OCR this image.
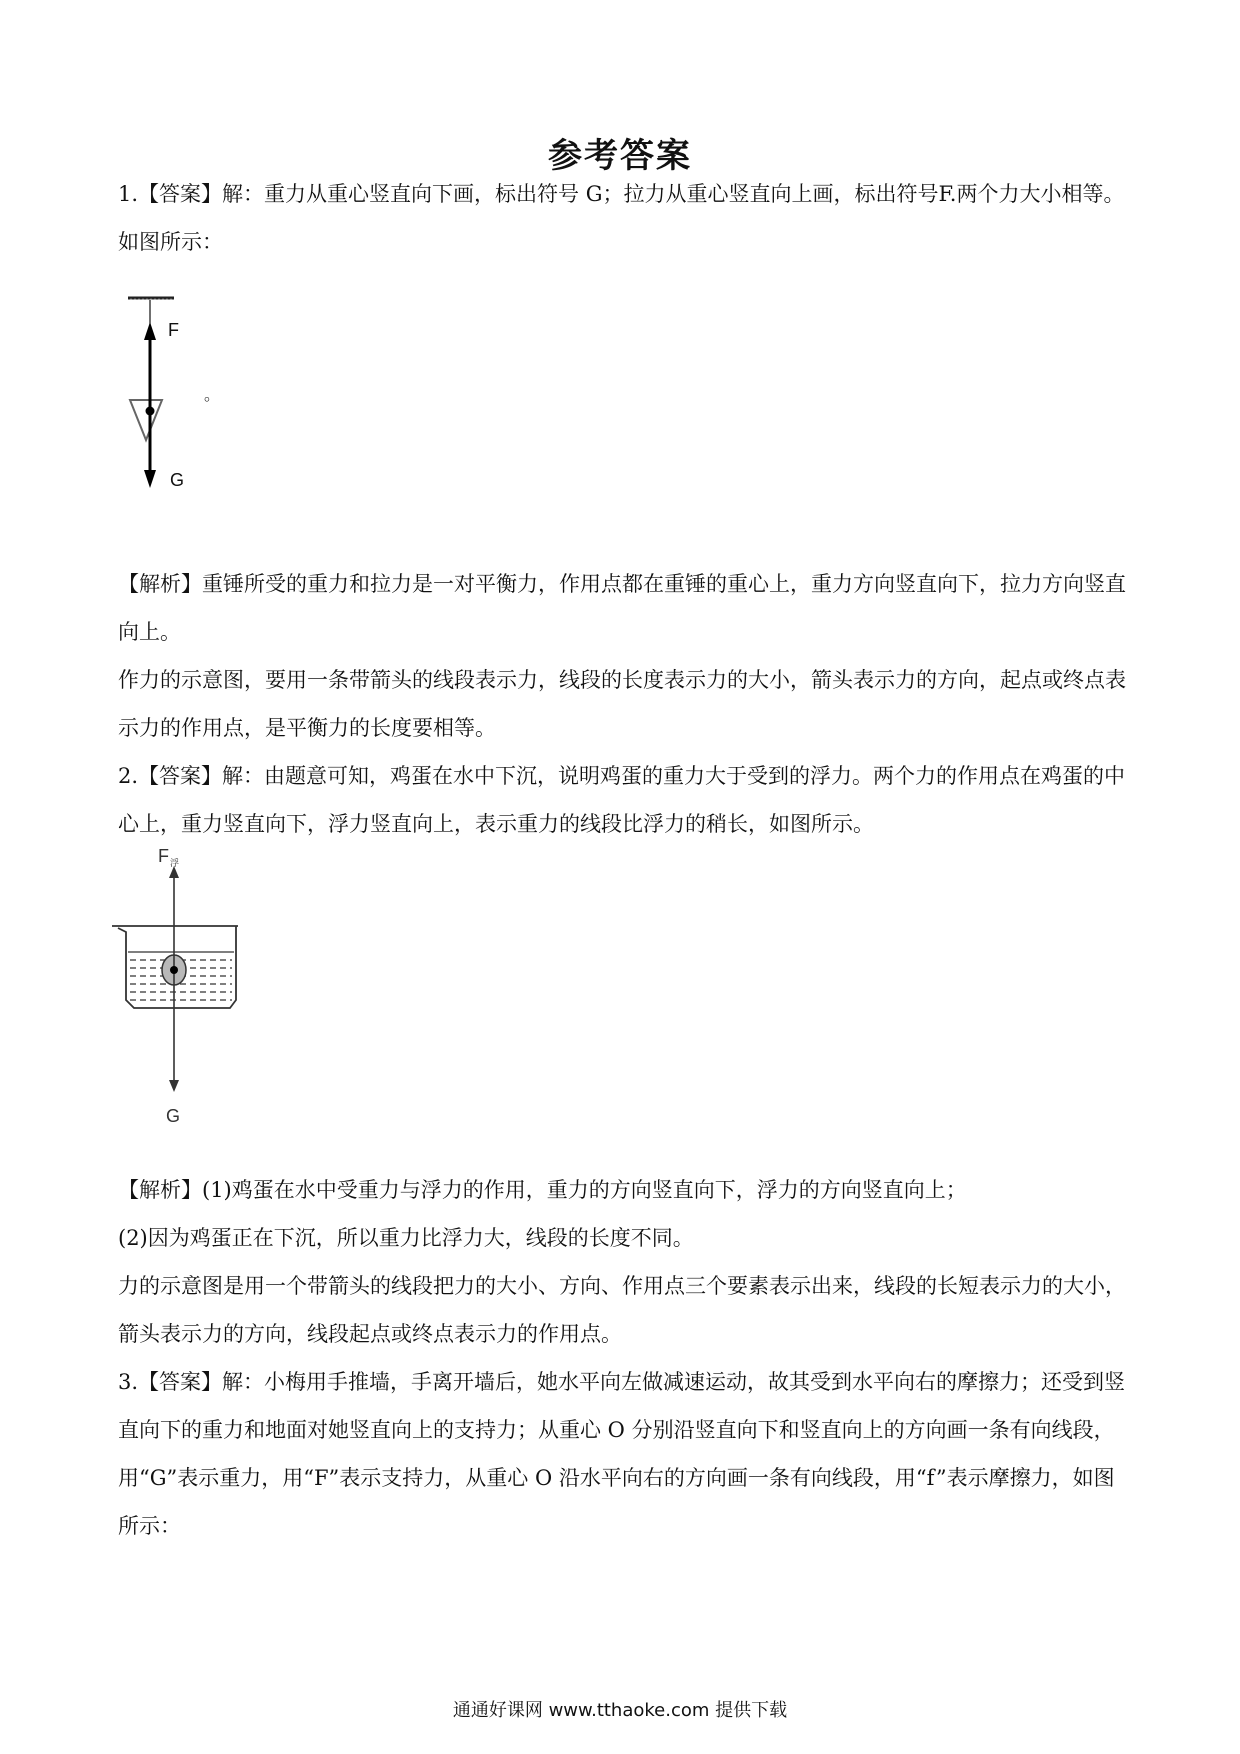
参考答案
1.【答案】解：重力从重心竖直向下画，标出符号 G；拉力从重心竖直向上画，标出符号F.两个力大小相等。如图所示：
F
G
。
【解析】重锤所受的重力和拉力是一对平衡力，作用点都在重锤的重心上，重力方向竖直向下，拉力方向竖直向上。
作力的示意图，要用一条带箭头的线段表示力，线段的长度表示力的大小，箭头表示力的方向，起点或终点表示力的作用点，是平衡力的长度要相等。
2.【答案】解：由题意可知，鸡蛋在水中下沉，说明鸡蛋的重力大于受到的浮力。两个力的作用点在鸡蛋的中心上，重力竖直向下，浮力竖直向上，表示重力的线段比浮力的稍长，如图所示。
F 浮
G
【解析】(1)鸡蛋在水中受重力与浮力的作用，重力的方向竖直向下，浮力的方向竖直向上；
(2)因为鸡蛋正在下沉，所以重力比浮力大，线段的长度不同。
力的示意图是用一个带箭头的线段把力的大小、方向、作用点三个要素表示出来，线段的长短表示力的大小，箭头表示力的方向，线段起点或终点表示力的作用点。
3.【答案】解：小梅用手推墙，手离开墙后，她水平向左做减速运动，故其受到水平向右的摩擦力；还受到竖直向下的重力和地面对她竖直向上的支持力；从重心 O 分别沿竖直向下和竖直向上的方向画一条有向线段，用“G”表示重力，用“F”表示支持力，从重心 O 沿水平向右的方向画一条有向线段，用“f”表示摩擦力，如图所示：
通通好课网 www.tthaoke.com 提供下载
